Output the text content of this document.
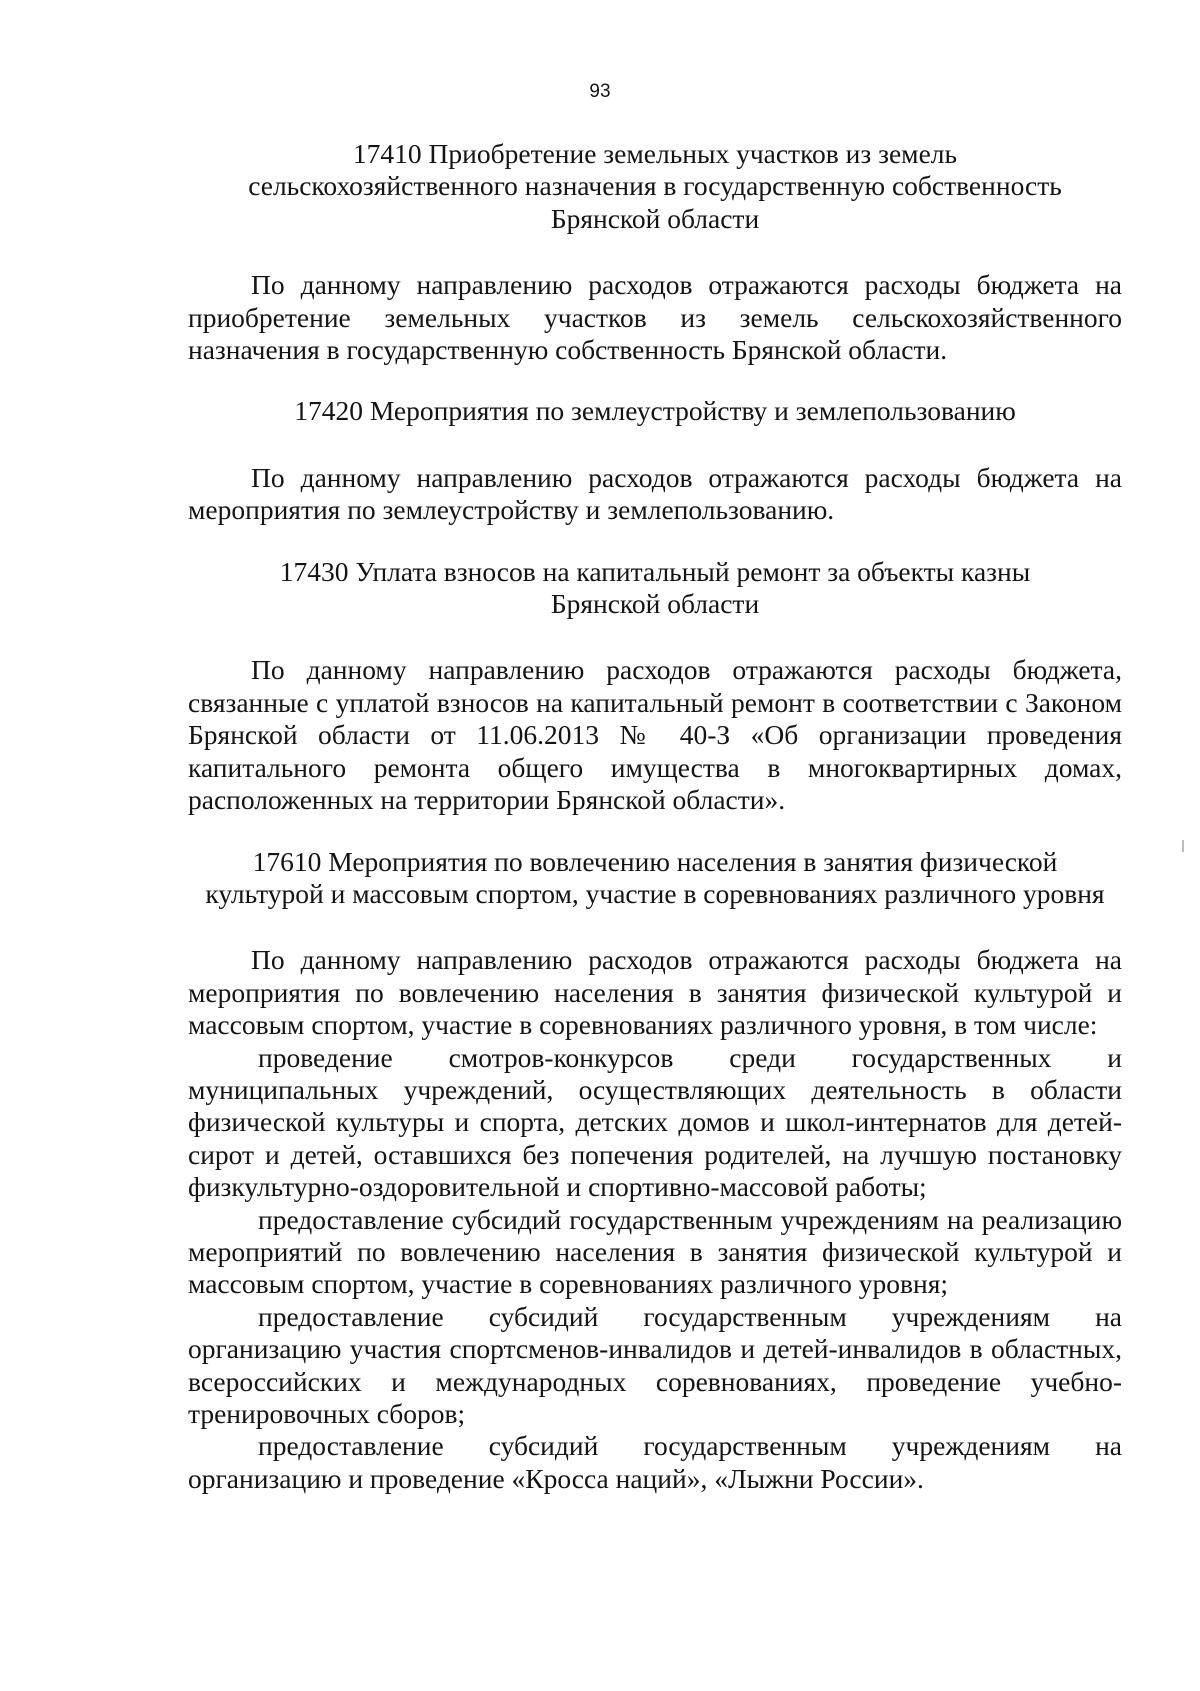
93

17410 Приобретение земельных участков из земель
сельскохозяйственного назначения в государственную собственность
Брянской области

По данному направлению расходов отражаются расходы бюджета на приобретение земельных участков из земель сельскохозяйственного назначения в государственную собственность Брянской области.

17420 Мероприятия по землеустройству и землепользованию

По данному направлению расходов отражаются расходы бюджета на мероприятия по землеустройству и землепользованию.

17430 Уплата взносов на капитальный ремонт за объекты казны
Брянской области

По данному направлению расходов отражаются расходы бюджета, связанные с уплатой взносов на капитальный ремонт в соответствии с Законом Брянской области от 11.06.2013 № 40-З «Об организации проведения капитального ремонта общего имущества в многоквартирных домах, расположенных на территории Брянской области».

17610 Мероприятия по вовлечению населения в занятия физической
культурой и массовым спортом, участие в соревнованиях различного уровня

По данному направлению расходов отражаются расходы бюджета на мероприятия по вовлечению населения в занятия физической культурой и массовым спортом, участие в соревнованиях различного уровня, в том числе:

проведение смотров-конкурсов среди государственных и муниципальных учреждений, осуществляющих деятельность в области физической культуры и спорта, детских домов и школ-интернатов для детей-сирот и детей, оставшихся без попечения родителей, на лучшую постановку физкультурно-оздоровительной и спортивно-массовой работы;

предоставление субсидий государственным учреждениям на реализацию мероприятий по вовлечению населения в занятия физической культурой и массовым спортом, участие в соревнованиях различного уровня;

предоставление субсидий государственным учреждениям на организацию участия спортсменов-инвалидов и детей-инвалидов в областных, всероссийских и международных соревнованиях, проведение учебно-тренировочных сборов;

предоставление субсидий государственным учреждениям на организацию и проведение «Кросса наций», «Лыжни России».
